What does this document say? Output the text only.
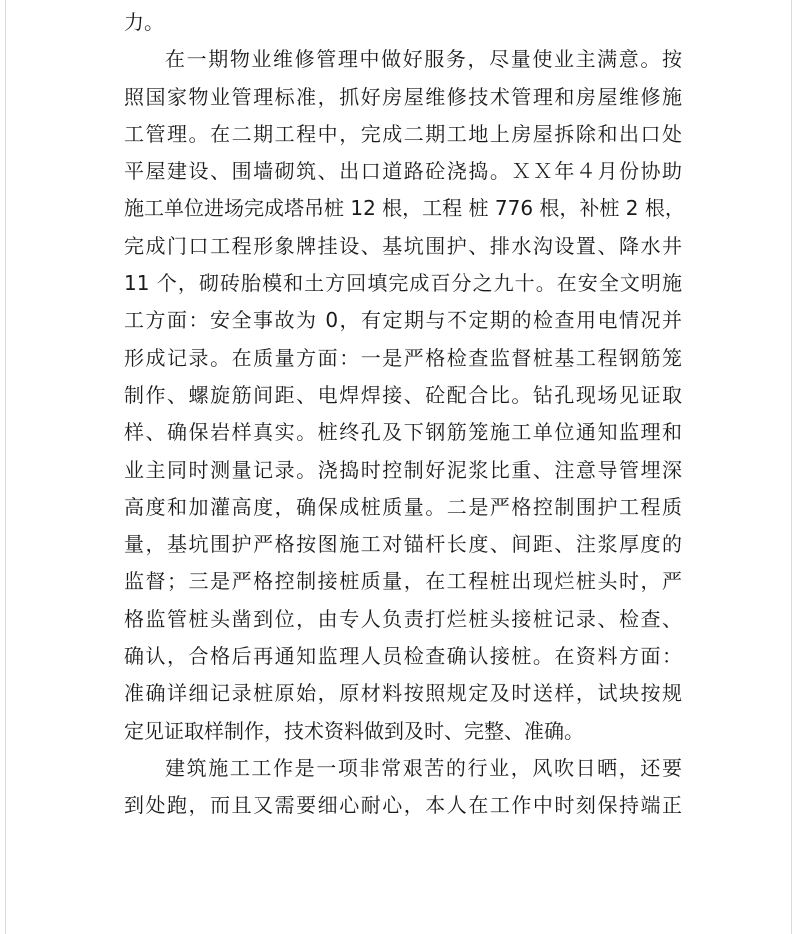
力。
在一期物业维修管理中做好服务，尽量使业主满意。按
照国家物业管理标准，抓好房屋维修技术管理和房屋维修施
工管理。在二期工程中，完成二期工地上房屋拆除和出口处
平屋建设、围墙砌筑、出口道路砼浇捣。ＸＸ年４月份协助
施工单位进场完成塔吊桩 12 根，工程 桩 776 根，补桩 2 根，
完成门口工程形象牌挂设、基坑围护、排水沟设置、降水井
11 个，砌砖胎模和土方回填完成百分之九十。在安全文明施
工方面：安全事故为 0，有定期与不定期的检查用电情况并
形成记录。在质量方面：一是严格检查监督桩基工程钢筋笼
制作、螺旋筋间距、电焊焊接、砼配合比。钻孔现场见证取
样、确保岩样真实。桩终孔及下钢筋笼施工单位通知监理和
业主同时测量记录。浇捣时控制好泥浆比重、注意导管埋深
高度和加灌高度，确保成桩质量。二是严格控制围护工程质
量，基坑围护严格按图施工对锚杆长度、间距、注浆厚度的
监督；三是严格控制接桩质量，在工程桩出现烂桩头时，严
格监管桩头凿到位，由专人负责打烂桩头接桩记录、检查、
确认，合格后再通知监理人员检查确认接桩。在资料方面：
准确详细记录桩原始，原材料按照规定及时送样，试块按规
定见证取样制作，技术资料做到及时、完整、准确。
建筑施工工作是一项非常艰苦的行业，风吹日晒，还要
到处跑，而且又需要细心耐心，本人在工作中时刻保持端正
